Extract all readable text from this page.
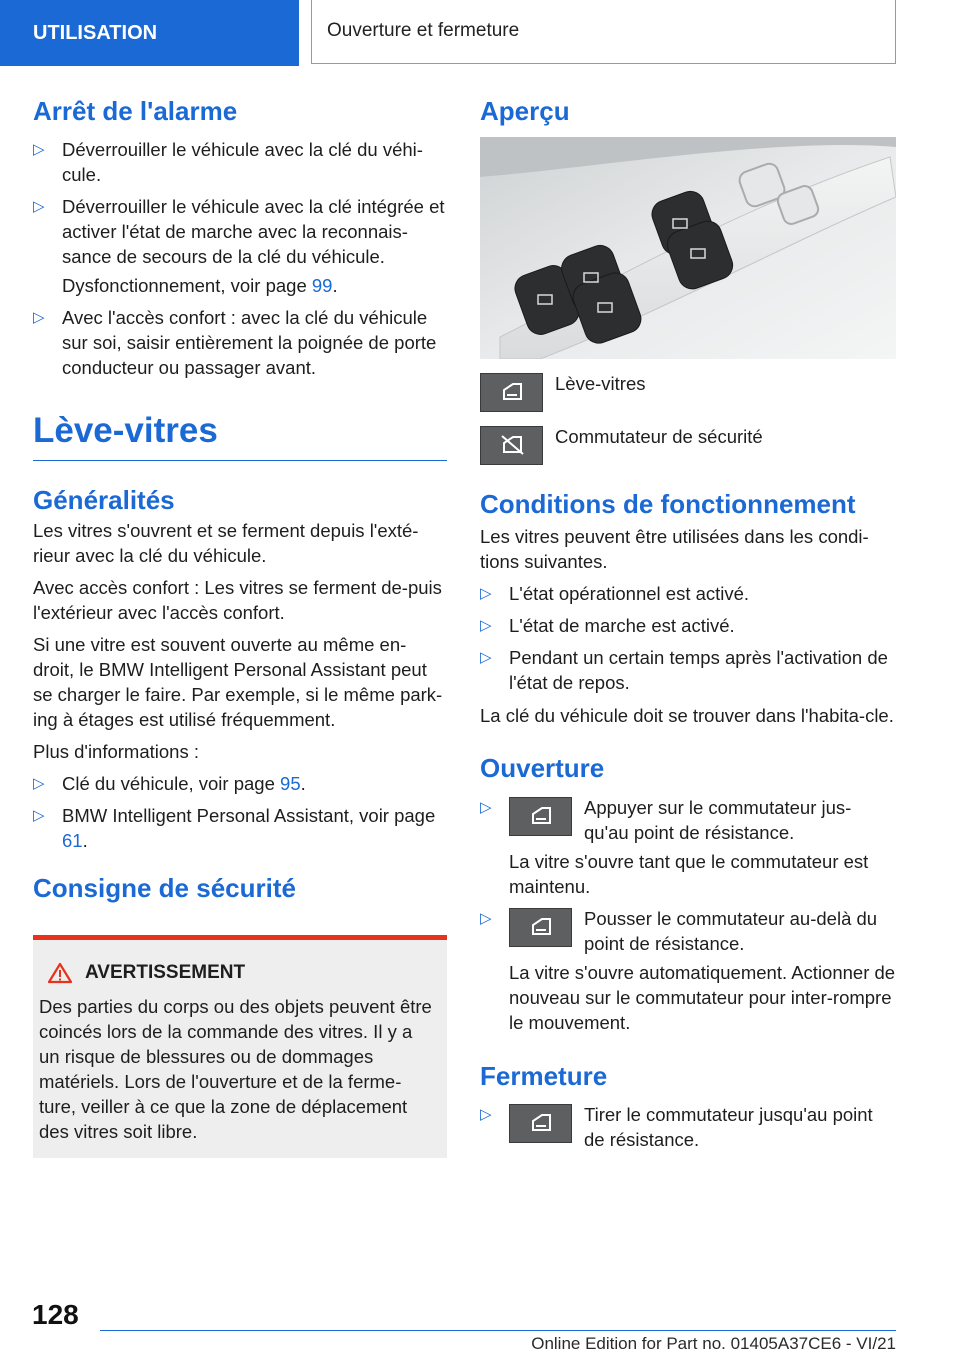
UTILISATION	Ouverture et fermeture
Arrêt de l'alarme
▷ Déverrouiller le véhicule avec la clé du véhi-cule.
▷ Déverrouiller le véhicule avec la clé intégrée et activer l'état de marche avec la reconnais-sance de secours de la clé du véhicule.

Dysfonctionnement, voir page 99.

▷ Avec l'accès confort : avec la clé du véhicule sur soi, saisir entièrement la poignée de porte conducteur ou passager avant.
Lève-vitres
Généralités

Les vitres s'ouvrent et se ferment depuis l'exté-rieur avec la clé du véhicule.

Avec accès confort : Les vitres se ferment de-puis l'extérieur avec l'accès confort.

Si une vitre est souvent ouverte au même en-droit, le BMW Intelligent Personal Assistant peut se charger le faire. Par exemple, si le même park-ing à étages est utilisé fréquemment.

Plus d'informations :

▷ Clé du véhicule, voir page 95.
▷ BMW Intelligent Personal Assistant, voir page 61.
Consigne de sécurité
AVERTISSEMENT

Des parties du corps ou des objets peuvent être coincés lors de la commande des vitres. Il y a un risque de blessures ou de dommages matériels. Lors de l'ouverture et de la ferme-ture, veiller à ce que la zone de déplacement des vitres soit libre.

Aperçu
Lève-vitres
Commutateur de sécurité
Conditions de fonctionnement

Les vitres peuvent être utilisées dans les condi-tions suivantes.

▷ L'état opérationnel est activé.
▷ L'état de marche est activé.
▷ Pendant un certain temps après l'activation de l'état de repos.

La clé du véhicule doit se trouver dans l'habita-cle.

Ouverture
▷	Appuyer sur le commutateur jus-qu'au point de résistance.

La vitre s'ouvre tant que le commutateur est maintenu.

▷	Pousser le commutateur au-delà du point de résistance.

La vitre s'ouvre automatiquement. Actionner de nouveau sur le commutateur pour inter-rompre le mouvement.

Fermeture
▷	Tirer le commutateur jusqu'au point de résistance.
128
Online Edition for Part no. 01405A37CE6 - VI/21
